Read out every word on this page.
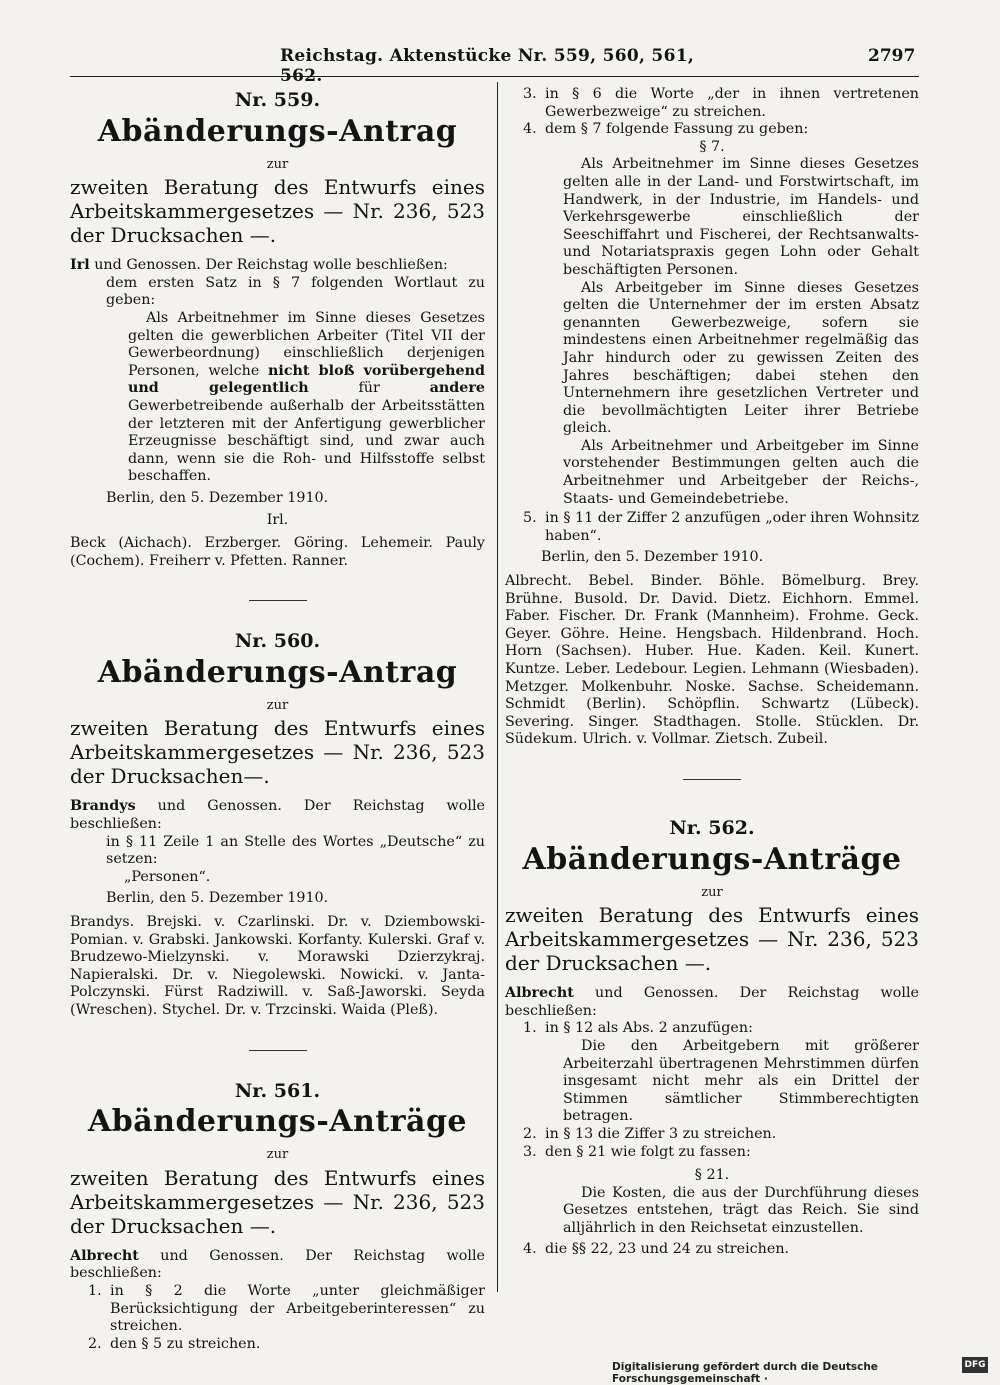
Reichstag. Aktenstücke Nr. 559, 560, 561, 562.
2797
Nr. 559.
Abänderungs-Antrag
zur
zweiten Beratung des Entwurfs eines Arbeitskammergesetzes — Nr. 236, 523 der Drucksachen —.

Irl und Genossen. Der Reichstag wolle beschließen:

dem ersten Satz in § 7 folgenden Wortlaut zu geben:

Als Arbeitnehmer im Sinne dieses Gesetzes gelten die gewerblichen Arbeiter (Titel VII der Gewerbeordnung) einschließlich derjenigen Personen, welche nicht bloß vorübergehend und gelegentlich für andere Gewerbetreibende außerhalb der Arbeitsstätten der letzteren mit der Anfertigung gewerblicher Erzeugnisse beschäftigt sind, und zwar auch dann, wenn sie die Roh- und Hilfsstoffe selbst beschaffen.

Berlin, den 5. Dezember 1910.

Irl.

Beck (Aichach). Erzberger. Göring. Lehemeir. Pauly (Cochem). Freiherr v. Pfetten. Ranner.

Nr. 560.
Abänderungs-Antrag
zur
zweiten Beratung des Entwurfs eines Arbeitskammergesetzes — Nr. 236, 523 der Drucksachen—.

Brandys und Genossen. Der Reichstag wolle beschließen:

in § 11 Zeile 1 an Stelle des Wortes „Deutsche“ zu setzen:

„Personen“.

Berlin, den 5. Dezember 1910.

Brandys. Brejski. v. Czarlinski. Dr. v. Dziembowski-Pomian. v. Grabski. Jankowski. Korfanty. Kulerski. Graf v. Brudzewo-Mielzynski. v. Morawski Dzierzykraj. Napieralski. Dr. v. Niegolewski. Nowicki. v. Janta-Polczynski. Fürst Radziwill. v. Saß-Jaworski. Seyda (Wreschen). Stychel. Dr. v. Trzcinski. Waida (Pleß).

Nr. 561.
Abänderungs-Anträge
zur
zweiten Beratung des Entwurfs eines Arbeitskammergesetzes — Nr. 236, 523 der Drucksachen —.

Albrecht und Genossen. Der Reichstag wolle beschließen:

1. in § 2 die Worte „unter gleichmäßiger Berücksichtigung der Arbeitgeberinteressen“ zu streichen.
2. den § 5 zu streichen.
3. in § 6 die Worte „der in ihnen vertretenen Gewerbezweige“ zu streichen.
4. dem § 7 folgende Fassung zu geben:

§ 7.

Als Arbeitnehmer im Sinne dieses Gesetzes gelten alle in der Land- und Forstwirtschaft, im Handwerk, in der Industrie, im Handels- und Verkehrsgewerbe einschließlich der Seeschiffahrt und Fischerei, der Rechtsanwalts- und Notariatspraxis gegen Lohn oder Gehalt beschäftigten Personen.

Als Arbeitgeber im Sinne dieses Gesetzes gelten die Unternehmer der im ersten Absatz genannten Gewerbezweige, sofern sie mindestens einen Arbeitnehmer regelmäßig das Jahr hindurch oder zu gewissen Zeiten des Jahres beschäftigen; dabei stehen den Unternehmern ihre gesetzlichen Vertreter und die bevollmächtigten Leiter ihrer Betriebe gleich.

Als Arbeitnehmer und Arbeitgeber im Sinne vorstehender Bestimmungen gelten auch die Arbeitnehmer und Arbeitgeber der Reichs-, Staats- und Gemeindebetriebe.

5. in § 11 der Ziffer 2 anzufügen „oder ihren Wohnsitz haben“.

Berlin, den 5. Dezember 1910.

Albrecht. Bebel. Binder. Böhle. Bömelburg. Brey. Brühne. Busold. Dr. David. Dietz. Eichhorn. Emmel. Faber. Fischer. Dr. Frank (Mannheim). Frohme. Geck. Geyer. Göhre. Heine. Hengsbach. Hildenbrand. Hoch. Horn (Sachsen). Huber. Hue. Kaden. Keil. Kunert. Kuntze. Leber. Ledebour. Legien. Lehmann (Wiesbaden). Metzger. Molkenbuhr. Noske. Sachse. Scheidemann. Schmidt (Berlin). Schöpflin. Schwartz (Lübeck). Severing. Singer. Stadthagen. Stolle. Stücklen. Dr. Südekum. Ulrich. v. Vollmar. Zietsch. Zubeil.

Nr. 562.
Abänderungs-Anträge
zur
zweiten Beratung des Entwurfs eines Arbeitskammergesetzes — Nr. 236, 523 der Drucksachen —.

Albrecht und Genossen. Der Reichstag wolle beschließen:

1. in § 12 als Abs. 2 anzufügen:

Die den Arbeitgebern mit größerer Arbeiterzahl übertragenen Mehrstimmen dürfen insgesamt nicht mehr als ein Drittel der Stimmen sämtlicher Stimmberechtigten betragen.

2. in § 13 die Ziffer 3 zu streichen.
3. den § 21 wie folgt zu fassen:

§ 21.

Die Kosten, die aus der Durchführung dieses Gesetzes entstehen, trägt das Reich. Sie sind alljährlich in den Reichsetat einzustellen.

4. die §§ 22, 23 und 24 zu streichen.
Digitalisierung gefördert durch die Deutsche Forschungsgemeinschaft ·
DFG
